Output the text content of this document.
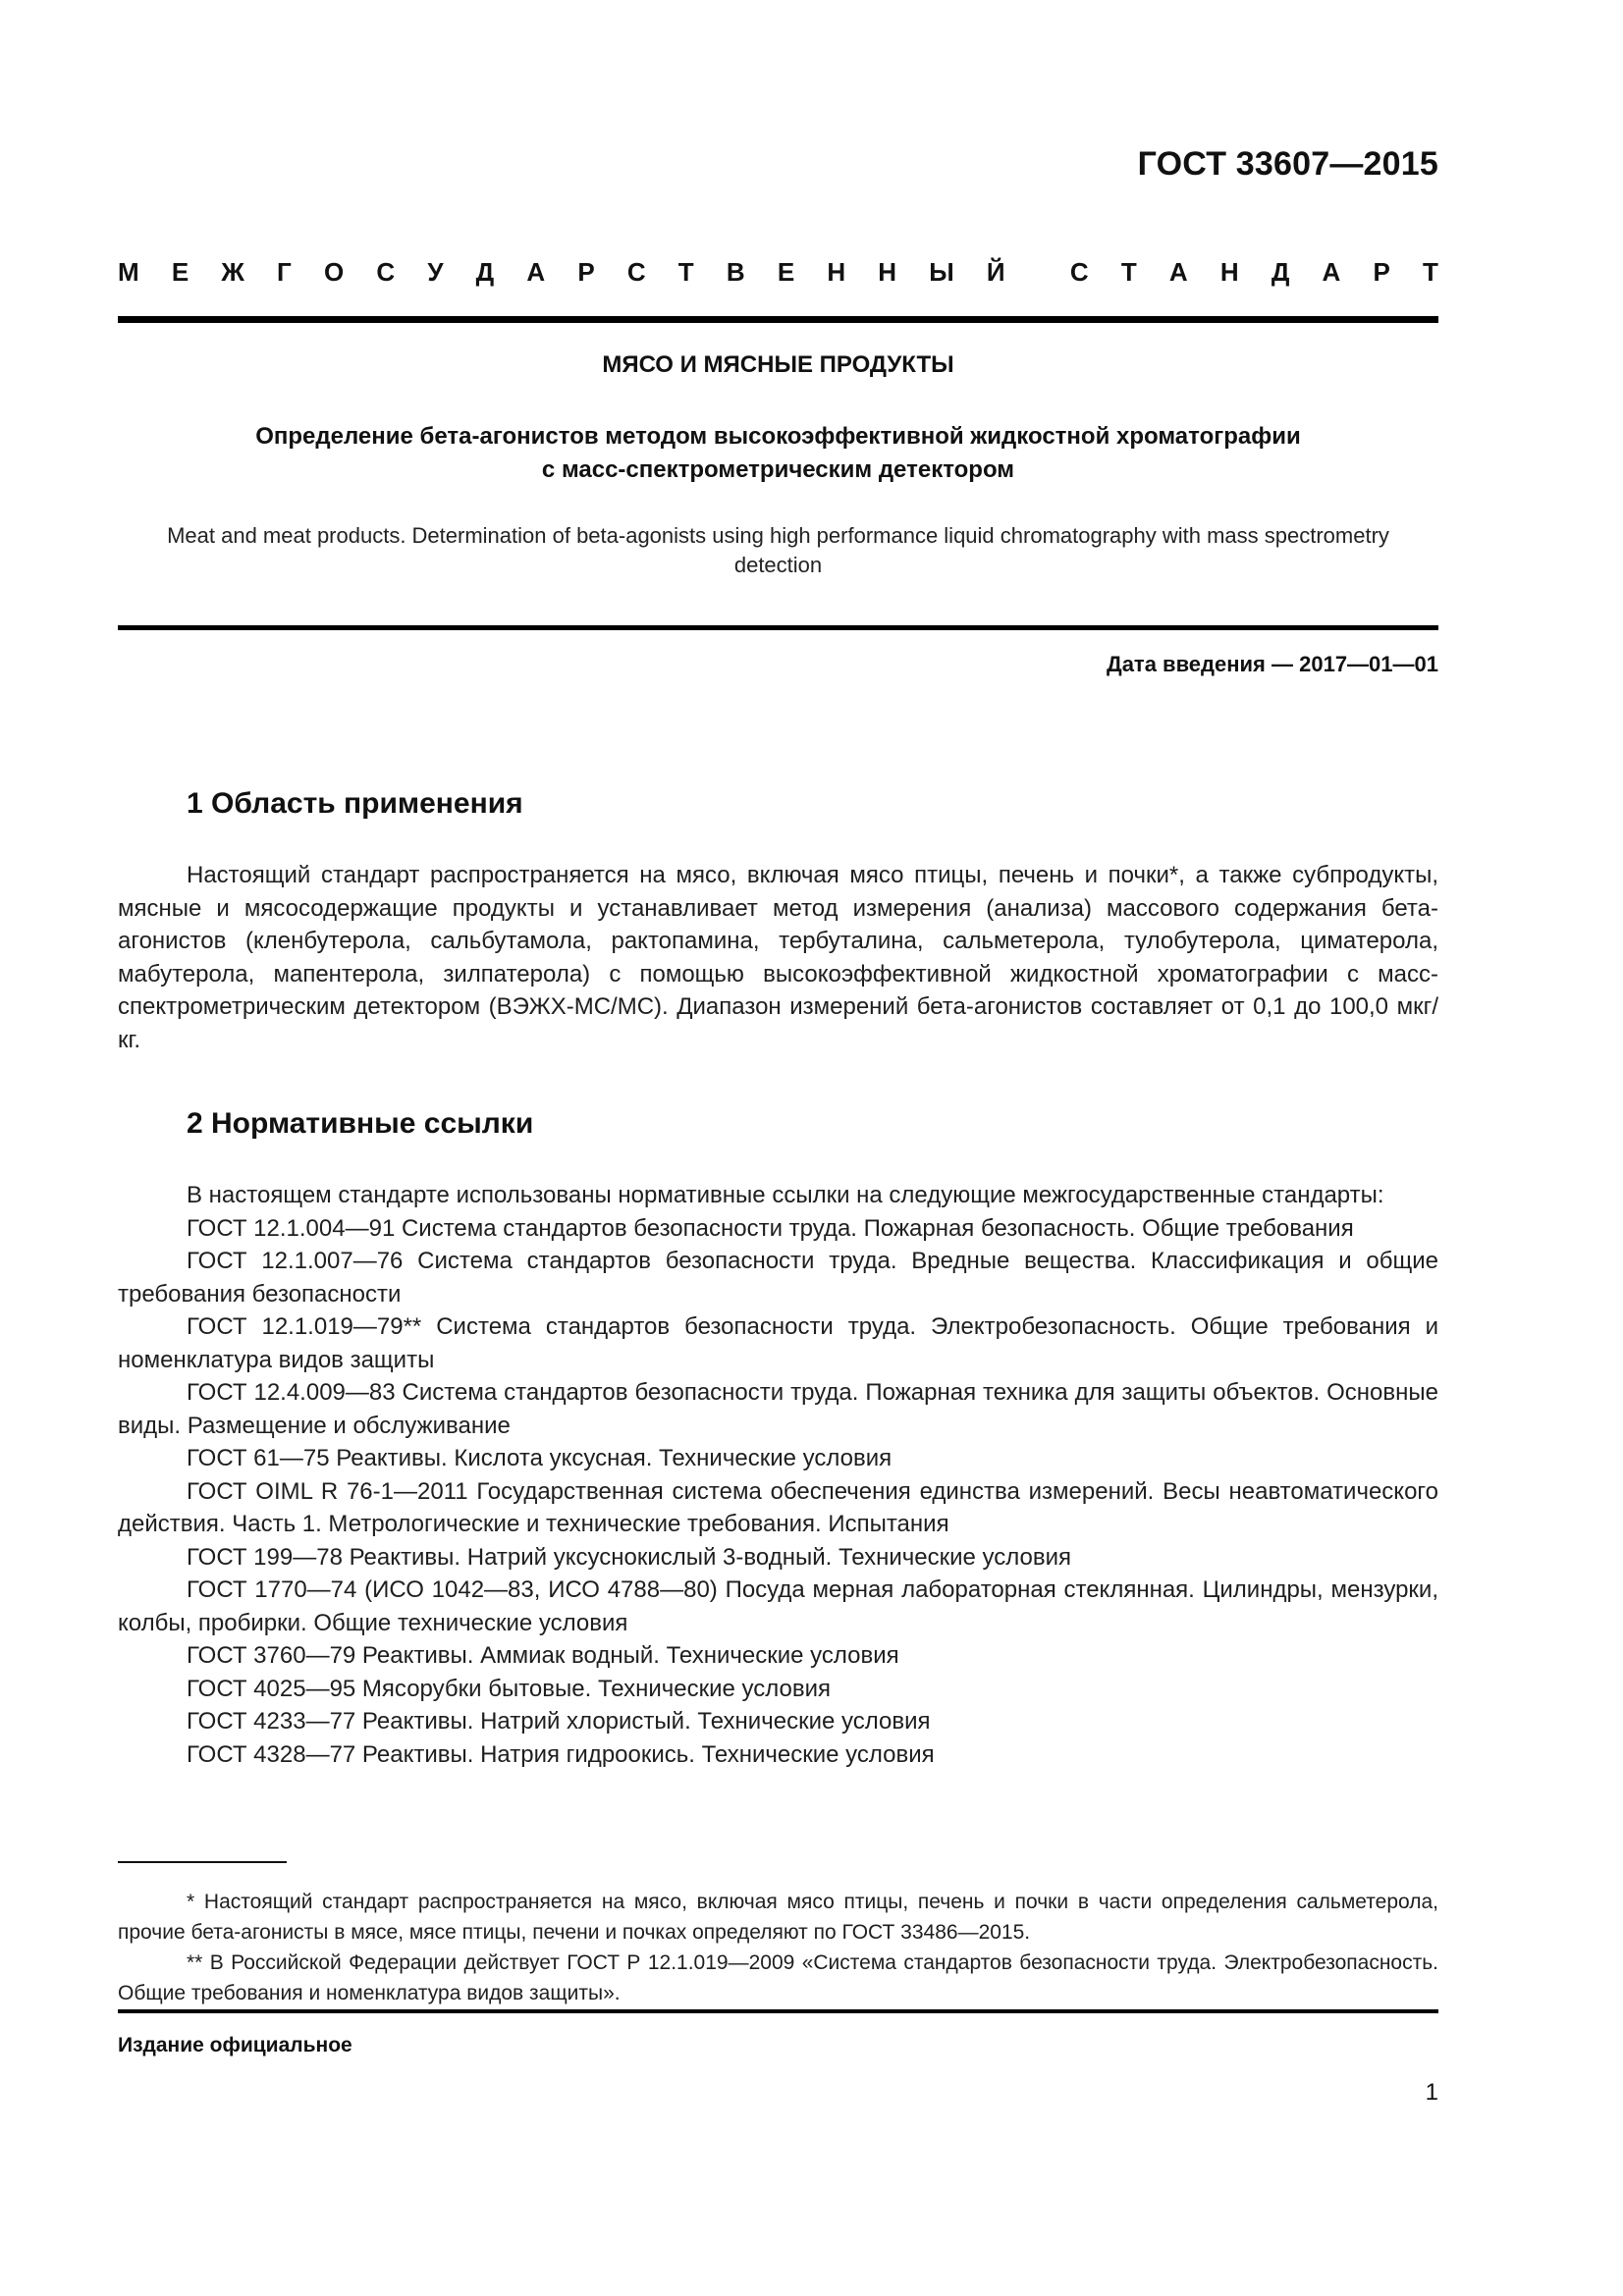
ГОСТ 33607—2015
М Е Ж Г О С У Д А Р С Т В Е Н Н Ы Й	С Т А Н Д А Р Т
МЯСО И МЯСНЫЕ ПРОДУКТЫ
Определение бета-агонистов методом высокоэффективной жидкостной хроматографии
с масс-спектрометрическим детектором
Meat and meat products. Determination of beta-agonists using high performance liquid chromatography with mass spectrometry detection
Дата введения — 2017—01—01
1 Область применения

Настоящий стандарт распространяется на мясо, включая мясо птицы, печень и почки*, а также субпродукты, мясные и мясосодержащие продукты и устанавливает метод измерения (анализа) массового содержания бета-агонистов (кленбутерола, сальбутамола, рактопамина, тербуталина, сальметерола, тулобутерола, циматерола, мабутерола, мапентерола, зилпатерола) с помощью высокоэффективной жидкостной хроматографии с масс-спектрометрическим детектором (ВЭЖХ-МС/МС). Диапазон измерений бета-агонистов составляет от 0,1 до 100,0 мкг/кг.

2 Нормативные ссылки

В настоящем стандарте использованы нормативные ссылки на следующие межгосударственные стандарты:

ГОСТ 12.1.004—91 Система стандартов безопасности труда. Пожарная безопасность. Общие требования

ГОСТ 12.1.007—76 Система стандартов безопасности труда. Вредные вещества. Классификация и общие требования безопасности

ГОСТ 12.1.019—79** Система стандартов безопасности труда. Электробезопасность. Общие требования и номенклатура видов защиты

ГОСТ 12.4.009—83 Система стандартов безопасности труда. Пожарная техника для защиты объектов. Основные виды. Размещение и обслуживание

ГОСТ 61—75 Реактивы. Кислота уксусная. Технические условия

ГОСТ OIML R 76-1—2011 Государственная система обеспечения единства измерений. Весы неавтоматического действия. Часть 1. Метрологические и технические требования. Испытания

ГОСТ 199—78 Реактивы. Натрий уксуснокислый 3-водный. Технические условия

ГОСТ 1770—74 (ИСО 1042—83, ИСО 4788—80) Посуда мерная лабораторная стеклянная. Цилиндры, мензурки, колбы, пробирки. Общие технические условия

ГОСТ 3760—79 Реактивы. Аммиак водный. Технические условия

ГОСТ 4025—95 Мясорубки бытовые. Технические условия

ГОСТ 4233—77 Реактивы. Натрий хлористый. Технические условия

ГОСТ 4328—77 Реактивы. Натрия гидроокись. Технические условия

* Настоящий стандарт распространяется на мясо, включая мясо птицы, печень и почки в части определения сальметерола, прочие бета-агонисты в мясе, мясе птицы, печени и почках определяют по ГОСТ 33486—2015.

** В Российской Федерации действует ГОСТ Р 12.1.019—2009 «Система стандартов безопасности труда. Электробезопасность. Общие требования и номенклатура видов защиты».

Издание официальное
1
